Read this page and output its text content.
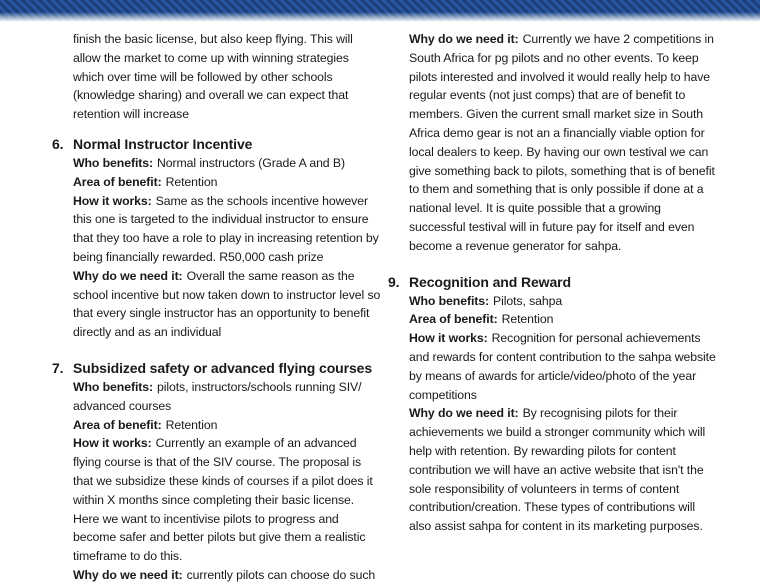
finish the basic license, but also keep flying. This will allow the market to come up with winning strategies which over time will be followed by other schools (knowledge sharing) and overall we can expect that retention will increase

6. Normal Instructor Incentive

Who benefits: Normal instructors (Grade A and B)

Area of benefit: Retention

How it works: Same as the schools incentive however this one is targeted to the individual instructor to ensure that they too have a role to play in increasing retention by being financially rewarded. R50,000 cash prize

Why do we need it: Overall the same reason as the school incentive but now taken down to instructor level so that every single instructor has an opportunity to benefit directly and as an individual

7. Subsidized safety or advanced flying courses

Who benefits: pilots, instructors/schools running SIV/ advanced courses

Area of benefit: Retention

How it works: Currently an example of an advanced flying course is that of the SIV course. The proposal is that we subsidize these kinds of courses if a pilot does it within X months since completing their basic license. Here we want to incentivise pilots to progress and become safer and better pilots but give them a realistic timeframe to do this.

Why do we need it: currently pilots can choose do such

Why do we need it: Currently we have 2 competitions in South Africa for pg pilots and no other events. To keep pilots interested and involved it would really help to have regular events (not just comps) that are of benefit to members. Given the current small market size in South Africa demo gear is not an a financially viable option for local dealers to keep. By having our own testival we can give something back to pilots, something that is of benefit to them and something that is only possible if done at a national level. It is quite possible that a growing successful testival will in future pay for itself and even become a revenue generator for sahpa.

9. Recognition and Reward

Who benefits: Pilots, sahpa

Area of benefit: Retention

How it works: Recognition for personal achievements and rewards for content contribution to the sahpa website by means of awards for article/video/photo of the year competitions

Why do we need it: By recognising pilots for their achievements we build a stronger community which will help with retention. By rewarding pilots for content contribution we will have an active website that isn't the sole responsibility of volunteers in terms of content contribution/creation. These types of contributions will also assist sahpa for content in its marketing purposes.
